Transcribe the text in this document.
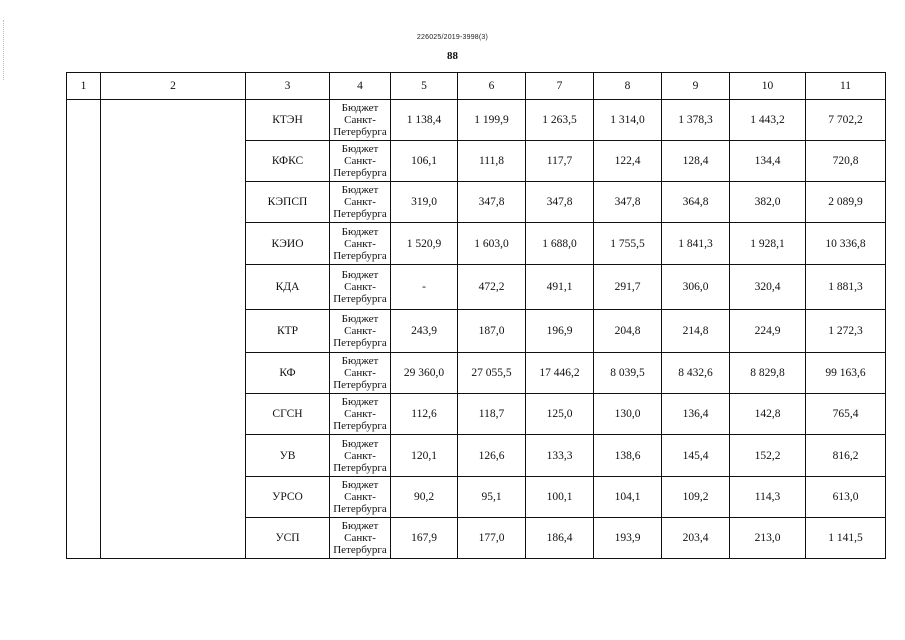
226025/2019-3998(3)
88
1	2	3	4	5	6	7	8	9	10	11
		КТЭН	Бюджет
Санкт-
Петербурга	1 138,4	1 199,9	1 263,5	1 314,0	1 378,3	1 443,2	7 702,2
		КФКС	Бюджет
Санкт-
Петербурга	106,1	111,8	117,7	122,4	128,4	134,4	720,8
		КЭПСП	Бюджет
Санкт-
Петербурга	319,0	347,8	347,8	347,8	364,8	382,0	2 089,9
		КЭИО	Бюджет
Санкт-
Петербурга	1 520,9	1 603,0	1 688,0	1 755,5	1 841,3	1 928,1	10 336,8
		КДА	Бюджет
Санкт-
Петербурга	-	472,2	491,1	291,7	306,0	320,4	1 881,3
		КТР	Бюджет
Санкт-
Петербурга	243,9	187,0	196,9	204,8	214,8	224,9	1 272,3
		КФ	Бюджет
Санкт-
Петербурга	29 360,0	27 055,5	17 446,2	8 039,5	8 432,6	8 829,8	99 163,6
		СГСН	Бюджет
Санкт-
Петербурга	112,6	118,7	125,0	130,0	136,4	142,8	765,4
		УВ	Бюджет
Санкт-
Петербурга	120,1	126,6	133,3	138,6	145,4	152,2	816,2
		УРСО	Бюджет
Санкт-
Петербурга	90,2	95,1	100,1	104,1	109,2	114,3	613,0
		УСП	Бюджет
Санкт-
Петербурга	167,9	177,0	186,4	193,9	203,4	213,0	1 141,5
